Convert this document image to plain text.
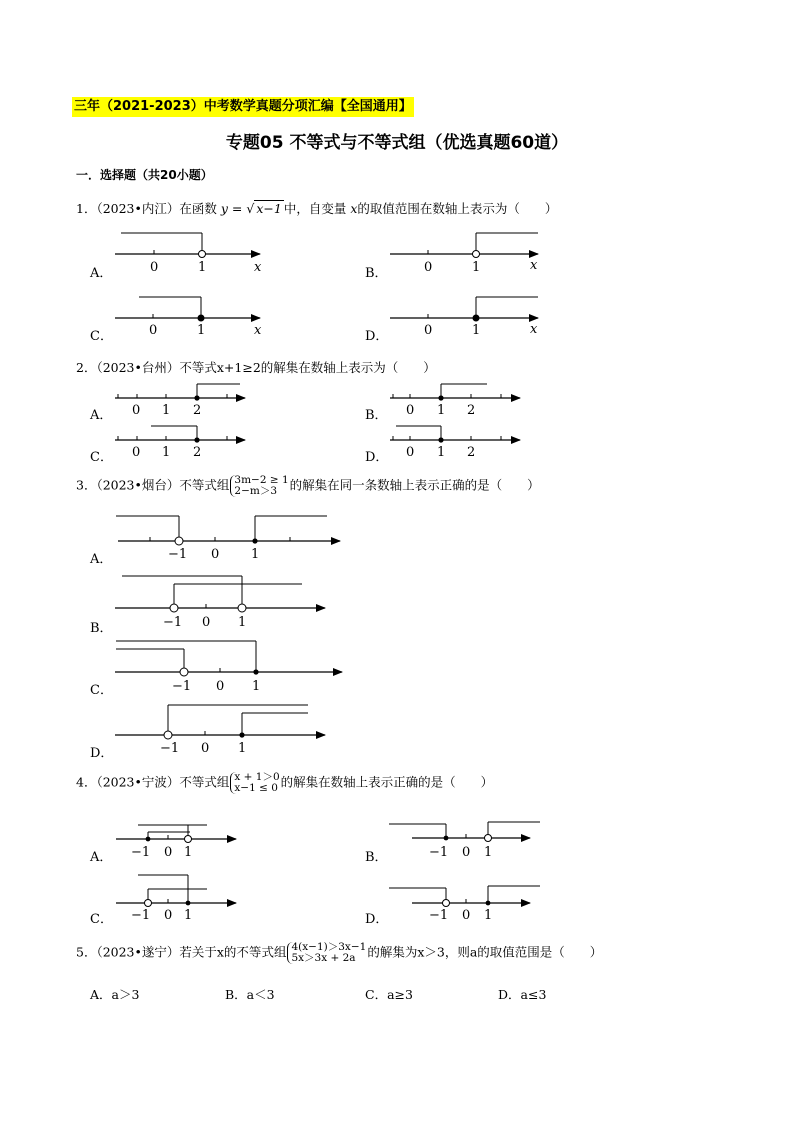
三年（2021-2023）中考数学真题分项汇编【全国通用】
专题05 不等式与不等式组（优选真题60道）
一．选择题（共20小题）
1．（2023•内江）在函数 y = √ x−1 中，自变量 x的取值范围在数轴上表示为（　　）
A．	B．
C．	D．
0	1	x	0	1	x
0	1	x	0	1	x
0 1 2	0 1 2
0 1 2	0 1 2
−1 0 1
−1 0 1
−1 0 1
−1 0 1
−1 0 1	−1 0 1
−1 0 1	−1 0 1
2．（2023•台州）不等式x+1≥2的解集在数轴上表示为（　　）
A．	B．
C．	D．
3．（2023•烟台）不等式组 3m−2 ≥ 1
2−m＞3	的解集在同一条数轴上表示正确的是（　　）
A．
B．
C．
D．
4．（2023•宁波）不等式组 x + 1＞0
x−1 ≤ 0 的解集在数轴上表示正确的是（　　）
A．	B．
C．	D．
5．（2023•遂宁）若关于x的不等式组 4(x−1)＞3x−1
5x＞3x + 2a 的解集为x＞3，则a的取值范围是（　　）
A．a＞3	B．a＜3	C．a≥3	D．a≤3
